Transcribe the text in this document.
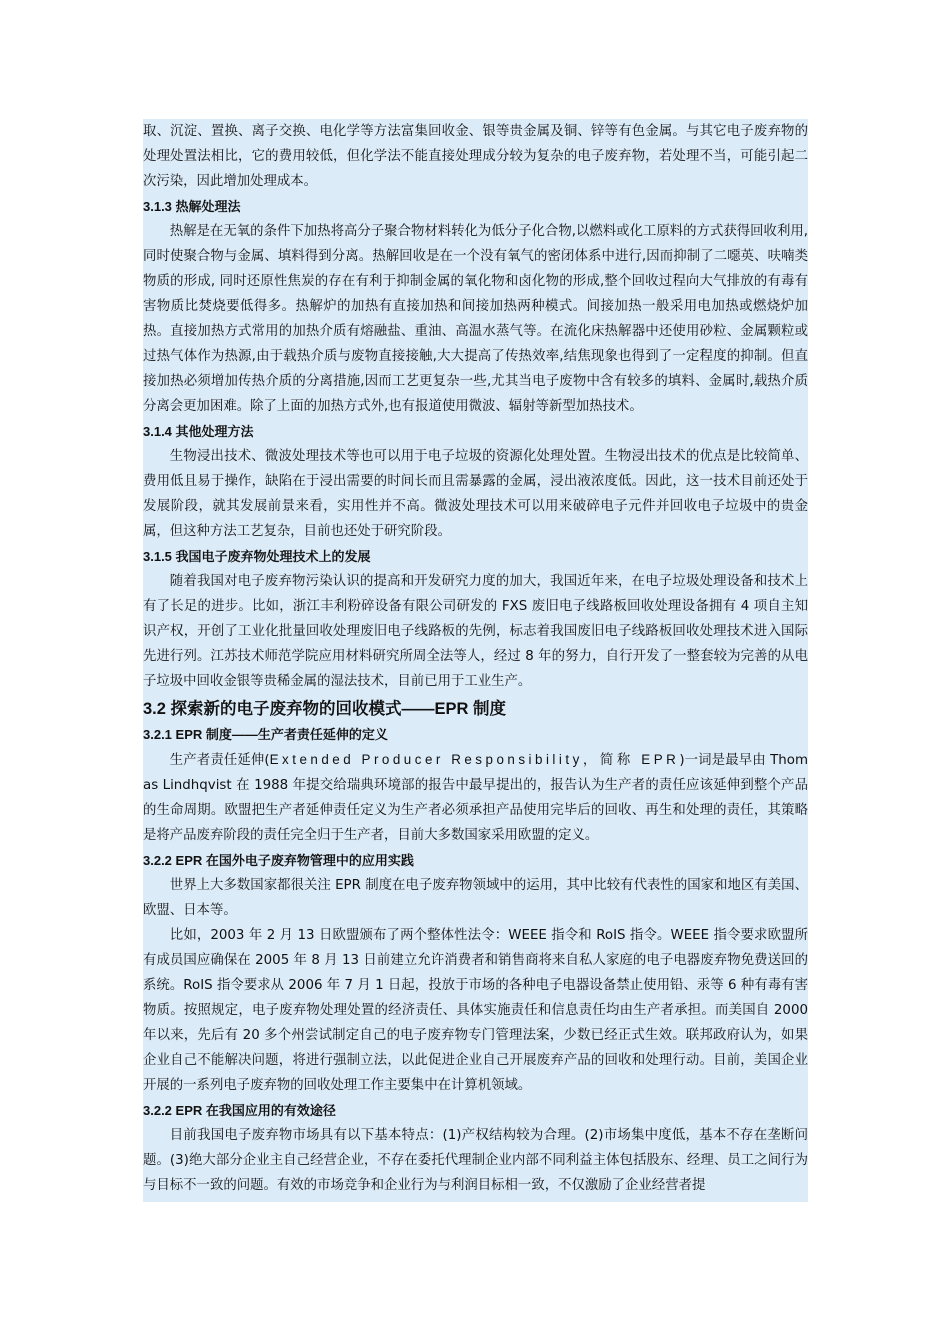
取、沉淀、置换、离子交换、电化学等方法富集回收金、银等贵金属及铜、锌等有色金属。与其它电子废弃物的处理处置法相比，它的费用较低，但化学法不能直接处理成分较为复杂的电子废弃物，若处理不当，可能引起二次污染，因此增加处理成本。

3.1.3 热解处理法

热解是在无氧的条件下加热将高分子聚合物材料转化为低分子化合物,以燃料或化工原料的方式获得回收利用,同时使聚合物与金属、填料得到分离。热解回收是在一个没有氧气的密闭体系中进行,因而抑制了二噁英、呋喃类物质的形成, 同时还原性焦炭的存在有利于抑制金属的氧化物和卤化物的形成,整个回收过程向大气排放的有毒有害物质比焚烧要低得多。热解炉的加热有直接加热和间接加热两种模式。间接加热一般采用电加热或燃烧炉加热。直接加热方式常用的加热介质有熔融盐、重油、高温水蒸气等。在流化床热解器中还使用砂粒、金属颗粒或过热气体作为热源,由于载热介质与废物直接接触,大大提高了传热效率,结焦现象也得到了一定程度的抑制。但直接加热必须增加传热介质的分离措施,因而工艺更复杂一些,尤其当电子废物中含有较多的填料、金属时,载热介质分离会更加困难。除了上面的加热方式外,也有报道使用微波、辐射等新型加热技术。

3.1.4 其他处理方法

生物浸出技术、微波处理技术等也可以用于电子垃圾的资源化处理处置。生物浸出技术的优点是比较简单、费用低且易于操作，缺陷在于浸出需要的时间长而且需暴露的金属，浸出液浓度低。因此，这一技术目前还处于发展阶段，就其发展前景来看，实用性并不高。微波处理技术可以用来破碎电子元件并回收电子垃圾中的贵金属，但这种方法工艺复杂，目前也还处于研究阶段。

3.1.5 我国电子废弃物处理技术上的发展

随着我国对电子废弃物污染认识的提高和开发研究力度的加大，我国近年来，在电子垃圾处理设备和技术上有了长足的进步。比如，浙江丰利粉碎设备有限公司研发的 FXS 废旧电子线路板回收处理设备拥有 4 项自主知识产权，开创了工业化批量回收处理废旧电子线路板的先例，标志着我国废旧电子线路板回收处理技术进入国际先进行列。江苏技术师范学院应用材料研究所周全法等人，经过 8 年的努力，自行开发了一整套较为完善的从电子垃圾中回收金银等贵稀金属的湿法技术，目前已用于工业生产。

3.2 探索新的电子废弃物的回收模式——EPR 制度

3.2.1 EPR 制度——生产者责任延伸的定义

生产者责任延伸(Extended Producer Responsibility，简称 EPR)一词是最早由 Thomas Lindhqvist 在 1988 年提交给瑞典环境部的报告中最早提出的，报告认为生产者的责任应该延伸到整个产品的生命周期。欧盟把生产者延伸责任定义为生产者必须承担产品使用完毕后的回收、再生和处理的责任，其策略是将产品废弃阶段的责任完全归于生产者，目前大多数国家采用欧盟的定义。

3.2.2 EPR 在国外电子废弃物管理中的应用实践

世界上大多数国家都很关注 EPR 制度在电子废弃物领域中的运用，其中比较有代表性的国家和地区有美国、欧盟、日本等。

比如，2003 年 2 月 13 日欧盟颁布了两个整体性法令：WEEE 指令和 RoIS 指令。WEEE 指令要求欧盟所有成员国应确保在 2005 年 8 月 13 日前建立允许消费者和销售商将来自私人家庭的电子电器废弃物免费送回的系统。RoIS 指令要求从 2006 年 7 月 1 日起，投放于市场的各种电子电器设备禁止使用铅、汞等 6 种有毒有害物质。按照规定，电子废弃物处理处置的经济责任、具体实施责任和信息责任均由生产者承担。而美国自 2000 年以来，先后有 20 多个州尝试制定自己的电子废弃物专门管理法案，少数已经正式生效。联邦政府认为，如果企业自己不能解决问题，将进行强制立法，以此促进企业自己开展废弃产品的回收和处理行动。目前，美国企业开展的一系列电子废弃物的回收处理工作主要集中在计算机领域。

3.2.2 EPR 在我国应用的有效途径

目前我国电子废弃物市场具有以下基本特点：(1)产权结构较为合理。(2)市场集中度低，基本不存在垄断问题。(3)绝大部分企业主自己经营企业，不存在委托代理制企业内部不同利益主体包括股东、经理、员工之间行为与目标不一致的问题。有效的市场竞争和企业行为与利润目标相一致，不仅激励了企业经营者提
